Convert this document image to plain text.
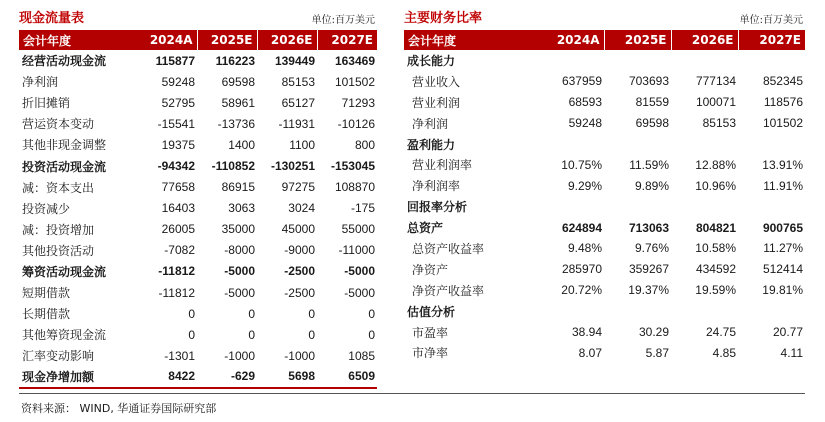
现金流量表	单位:百万美元
会计年度	2024A	2025E	2026E	2027E
经营活动现金流	115877	116223	139449	163469
净利润	59248	69598	85153	101502
折旧摊销	52795	58961	65127	71293
营运资本变动	-15541	-13736	-11931	-10126
其他非现金调整	19375	1400	1100	800
投资活动现金流	-94342	-110852	-130251	-153045
减：资本支出	77658	86915	97275	108870
投资减少	16403	3063	3024	-175
减：投资增加	26005	35000	45000	55000
其他投资活动	-7082	-8000	-9000	-11000
筹资活动现金流	-11812	-5000	-2500	-5000
短期借款	-11812	-5000	-2500	-5000
长期借款	0	0	0	0
其他筹资现金流	0	0	0	0
汇率变动影响	-1301	-1000	-1000	1085
现金净增加额	8422	-629	5698	6509
主要财务比率	单位:百万美元
会计年度	2024A	2025E	2026E	2027E
成长能力				
营业收入	637959	703693	777134	852345
营业利润	68593	81559	100071	118576
净利润	59248	69598	85153	101502
盈利能力				
营业利润率	10.75%	11.59%	12.88%	13.91%
净利润率	9.29%	9.89%	10.96%	11.91%
回报率分析				
总资产	624894	713063	804821	900765
总资产收益率	9.48%	9.76%	10.58%	11.27%
净资产	285970	359267	434592	512414
净资产收益率	20.72%	19.37%	19.59%	19.81%
估值分析				
市盈率	38.94	30.29	24.75	20.77
市净率	8.07	5.87	4.85	4.11
资料来源： WIND, 华通证券国际研究部
